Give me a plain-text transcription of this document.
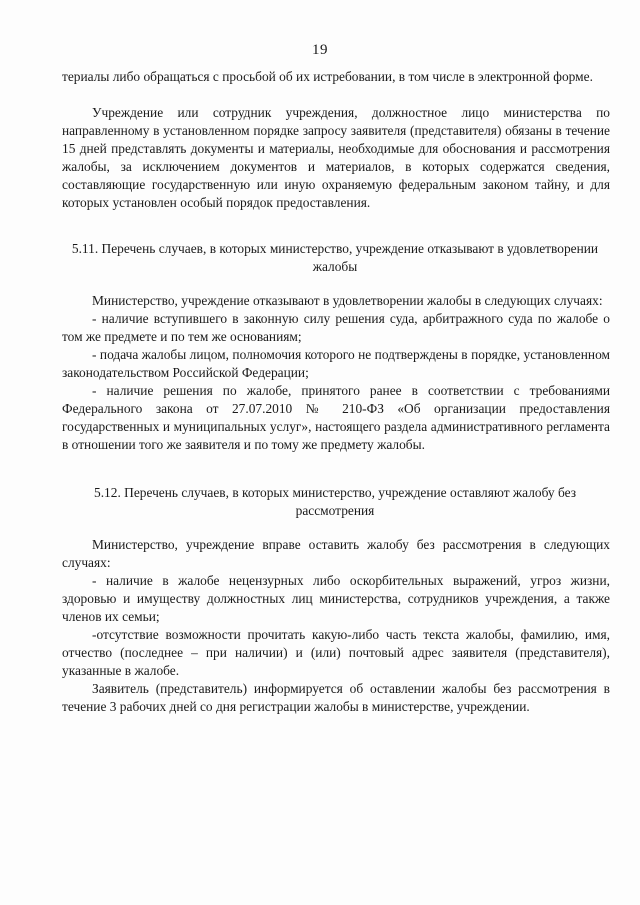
19

териалы либо обращаться с просьбой об их истребовании, в том числе в электронной форме.

Учреждение или сотрудник учреждения, должностное лицо министерства по направленному в установленном порядке запросу заявителя (представителя) обязаны в течение 15 дней представлять документы и материалы, необходимые для обоснования и рассмотрения жалобы, за исключением документов и материалов, в которых содержатся сведения, составляющие государственную или иную охраняемую федеральным законом тайну, и для которых установлен особый порядок предоставления.

5.11. Перечень случаев, в которых министерство, учреждение отказывают в удовлетворении жалобы

Министерство, учреждение отказывают в удовлетворении жалобы в следующих случаях:

- наличие вступившего в законную силу решения суда, арбитражного суда по жалобе о том же предмете и по тем же основаниям;

- подача жалобы лицом, полномочия которого не подтверждены в порядке, установленном законодательством Российской Федерации;

- наличие решения по жалобе, принятого ранее в соответствии с требованиями Федерального закона от 27.07.2010 № 210-ФЗ «Об организации предоставления государственных и муниципальных услуг», настоящего раздела административного регламента в отношении того же заявителя и по тому же предмету жалобы.

5.12. Перечень случаев, в которых министерство, учреждение оставляют жалобу без рассмотрения

Министерство, учреждение вправе оставить жалобу без рассмотрения в следующих случаях:

- наличие в жалобе нецензурных либо оскорбительных выражений, угроз жизни, здоровью и имуществу должностных лиц министерства, сотрудников учреждения, а также членов их семьи;

-отсутствие возможности прочитать какую-либо часть текста жалобы, фамилию, имя, отчество (последнее – при наличии) и (или) почтовый адрес заявителя (представителя), указанные в жалобе.

Заявитель (представитель) информируется об оставлении жалобы без рассмотрения в течение 3 рабочих дней со дня регистрации жалобы в министерстве, учреждении.
